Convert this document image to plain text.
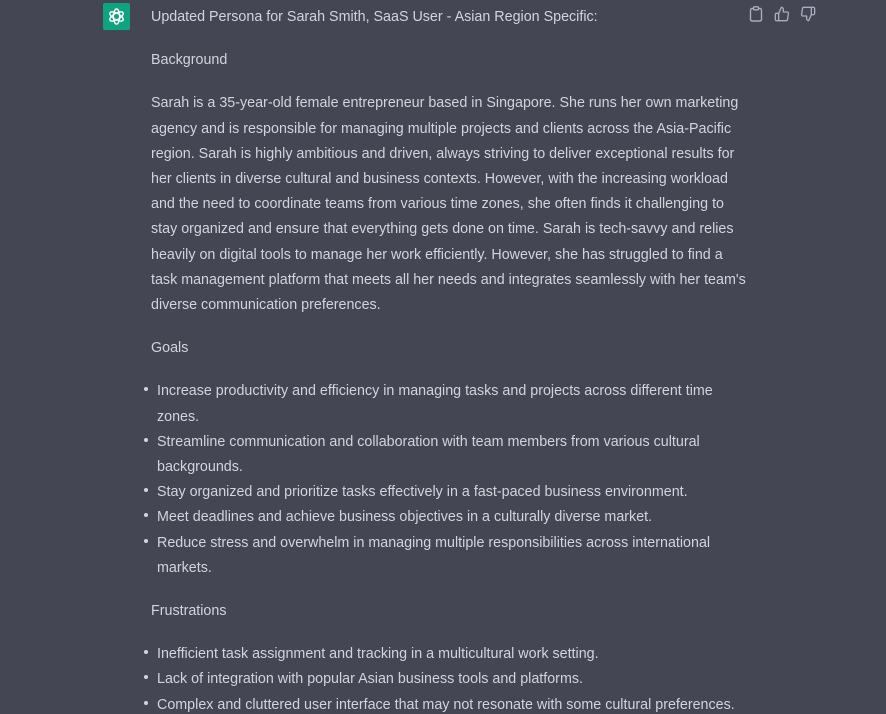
Updated Persona for Sarah Smith, SaaS User - Asian Region Specific:

Background

Sarah is a 35-year-old female entrepreneur based in Singapore. She runs her own marketing agency and is responsible for managing multiple projects and clients across the Asia-Pacific region. Sarah is highly ambitious and driven, always striving to deliver exceptional results for her clients in diverse cultural and business contexts. However, with the increasing workload and the need to coordinate teams from various time zones, she often finds it challenging to stay organized and ensure that everything gets done on time. Sarah is tech-savvy and relies heavily on digital tools to manage her work efficiently. However, she has struggled to find a task management platform that meets all her needs and integrates seamlessly with her team's diverse communication preferences.

Goals

Increase productivity and efficiency in managing tasks and projects across different time zones.
Streamline communication and collaboration with team members from various cultural backgrounds.
Stay organized and prioritize tasks effectively in a fast-paced business environment.
Meet deadlines and achieve business objectives in a culturally diverse market.
Reduce stress and overwhelm in managing multiple responsibilities across international markets.

Frustrations

Inefficient task assignment and tracking in a multicultural work setting.
Lack of integration with popular Asian business tools and platforms.
Complex and cluttered user interface that may not resonate with some cultural preferences.
